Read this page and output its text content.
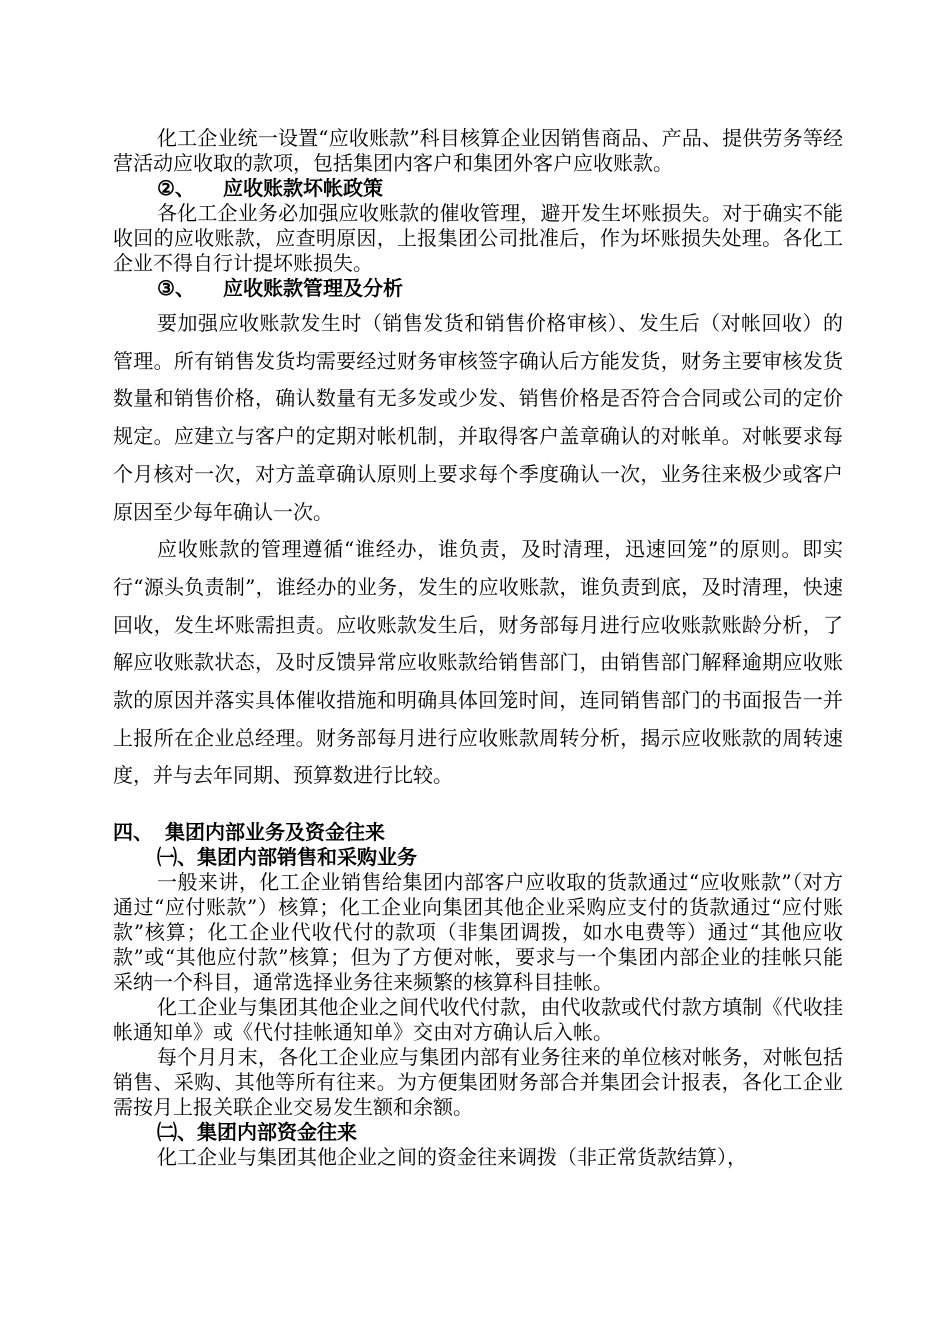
化工企业统一设置“应收账款”科目核算企业因销售商品、产品、提供劳务等经营活动应收取的款项，包括集团内客户和集团外客户应收账款。

②、 应收账款坏帐政策

各化工企业务必加强应收账款的催收管理，避开发生坏账损失。对于确实不能收回的应收账款，应查明原因，上报集团公司批准后，作为坏账损失处理。各化工企业不得自行计提坏账损失。

③、 应收账款管理及分析

要加强应收账款发生时（销售发货和销售价格审核）、发生后（对帐回收）的管理。所有销售发货均需要经过财务审核签字确认后方能发货，财务主要审核发货数量和销售价格，确认数量有无多发或少发、销售价格是否符合合同或公司的定价规定。应建立与客户的定期对帐机制，并取得客户盖章确认的对帐单。对帐要求每个月核对一次，对方盖章确认原则上要求每个季度确认一次，业务往来极少或客户原因至少每年确认一次。

应收账款的管理遵循“谁经办，谁负责，及时清理，迅速回笼”的原则。即实行“源头负责制”，谁经办的业务，发生的应收账款，谁负责到底，及时清理，快速回收，发生坏账需担责。应收账款发生后，财务部每月进行应收账款账龄分析，了解应收账款状态，及时反馈异常应收账款给销售部门，由销售部门解释逾期应收账款的原因并落实具体催收措施和明确具体回笼时间，连同销售部门的书面报告一并上报所在企业总经理。财务部每月进行应收账款周转分析，揭示应收账款的周转速度，并与去年同期、预算数进行比较。

四、 集团内部业务及资金往来

㈠、集团内部销售和采购业务

一般来讲，化工企业销售给集团内部客户应收取的货款通过“应收账款”（对方通过“应付账款”）核算；化工企业向集团其他企业采购应支付的货款通过“应付账款”核算；化工企业代收代付的款项（非集团调拨，如水电费等）通过“其他应收款”或“其他应付款”核算；但为了方便对帐，要求与一个集团内部企业的挂帐只能采纳一个科目，通常选择业务往来频繁的核算科目挂帐。

化工企业与集团其他企业之间代收代付款，由代收款或代付款方填制《代收挂帐通知单》或《代付挂帐通知单》交由对方确认后入帐。

每个月月末，各化工企业应与集团内部有业务往来的单位核对帐务，对帐包括销售、采购、其他等所有往来。为方便集团财务部合并集团会计报表，各化工企业需按月上报关联企业交易发生额和余额。

㈡、集团内部资金往来

化工企业与集团其他企业之间的资金往来调拨（非正常货款结算），
